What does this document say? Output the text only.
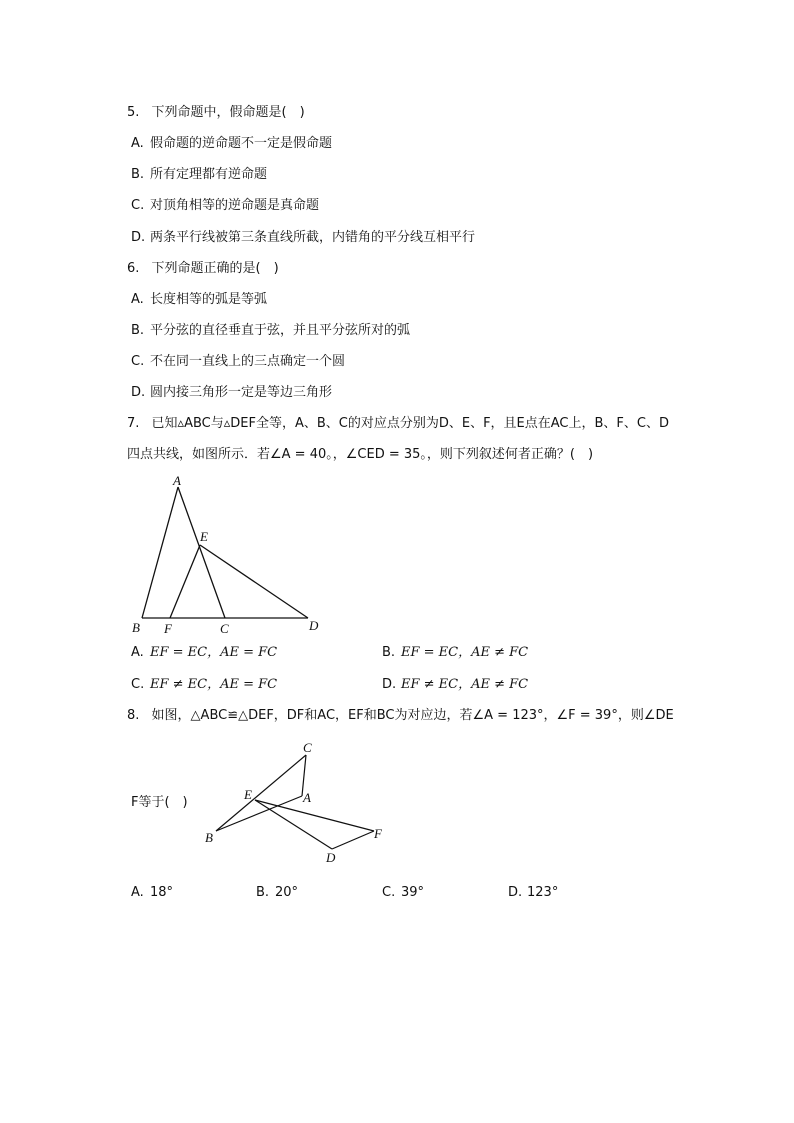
5. 下列命题中，假命题是(　)
A. 假命题的逆命题不一定是假命题
B. 所有定理都有逆命题
C. 对顶角相等的逆命题是真命题
D. 两条平行线被第三条直线所截，内错角的平分线互相平行
6. 下列命题正确的是(　)
A. 长度相等的弧是等弧
B. 平分弦的直径垂直于弦，并且平分弦所对的弧
C. 不在同一直线上的三点确定一个圆
D. 圆内接三角形一定是等边三角形
7. 已知▵ABC与▵DEF全等，A、B、C的对应点分别为D、E、F，且E点在AC上，B、F、C、D
四点共线，如图所示．若∠A = 40。，∠CED = 35。，则下列叙述何者正确？(　)
A
E
B F	C	D
A. EF = EC，AE = FC	B. EF = EC，AE ≠ FC
C. EF ≠ EC，AE = FC	D. EF ≠ EC，AE ≠ FC
8. 如图，△ABC≌△DEF，DF和AC，EF和BC为对应边，若∠A = 123°，∠F = 39°，则∠DE
F等于(　)
C
E	A
B	F
D
A. 18°	B. 20°	C. 39°	D. 123°
